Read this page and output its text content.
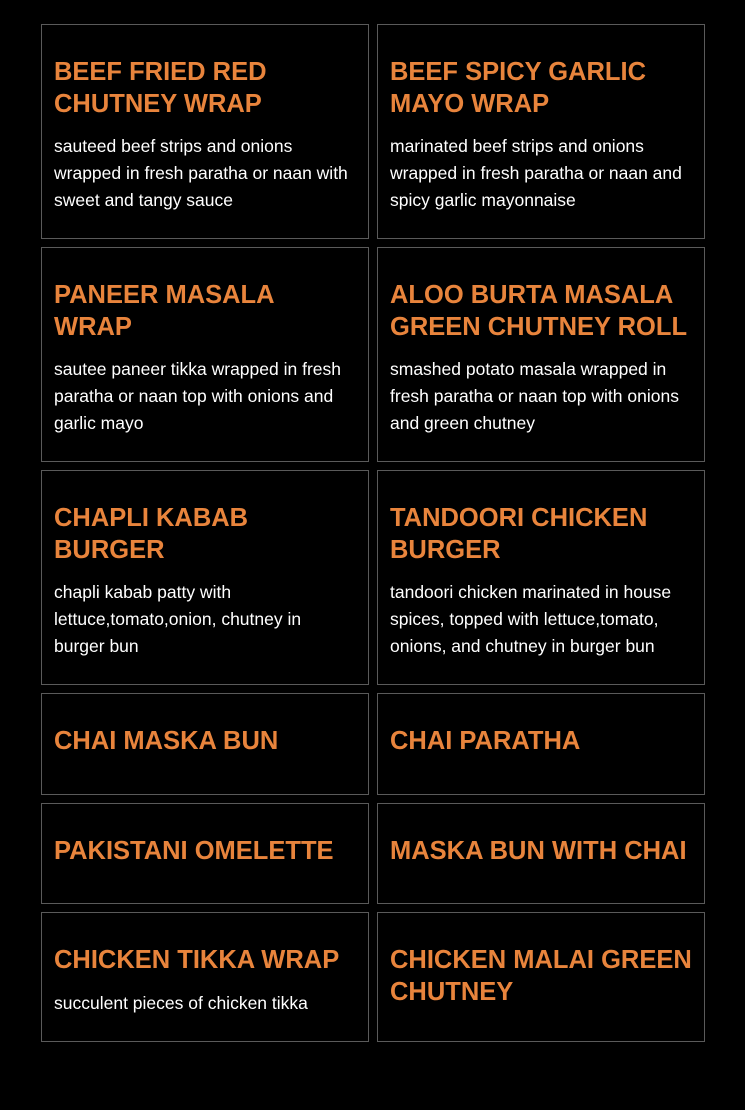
BEEF FRIED RED CHUTNEY WRAP

sauteed beef strips and onions wrapped in fresh paratha or naan with sweet and tangy sauce

BEEF SPICY GARLIC MAYO WRAP

marinated beef strips and onions wrapped in fresh paratha or naan and spicy garlic mayonnaise

PANEER MASALA WRAP

sautee paneer tikka wrapped in fresh paratha or naan top with onions and garlic mayo

ALOO BURTA MASALA GREEN CHUTNEY ROLL

smashed potato masala wrapped in fresh paratha or naan top with onions and green chutney

CHAPLI KABAB BURGER

chapli kabab patty with lettuce,tomato,onion, chutney in burger bun

TANDOORI CHICKEN BURGER

tandoori chicken marinated in house spices, topped with lettuce,tomato, onions, and chutney in burger bun

CHAI MASKA BUN	CHAI PARATHA
PAKISTANI OMELETTE	MASKA BUN WITH CHAI
CHICKEN TIKKA WRAP

succulent pieces of chicken tikka

CHICKEN MALAI GREEN CHUTNEY
